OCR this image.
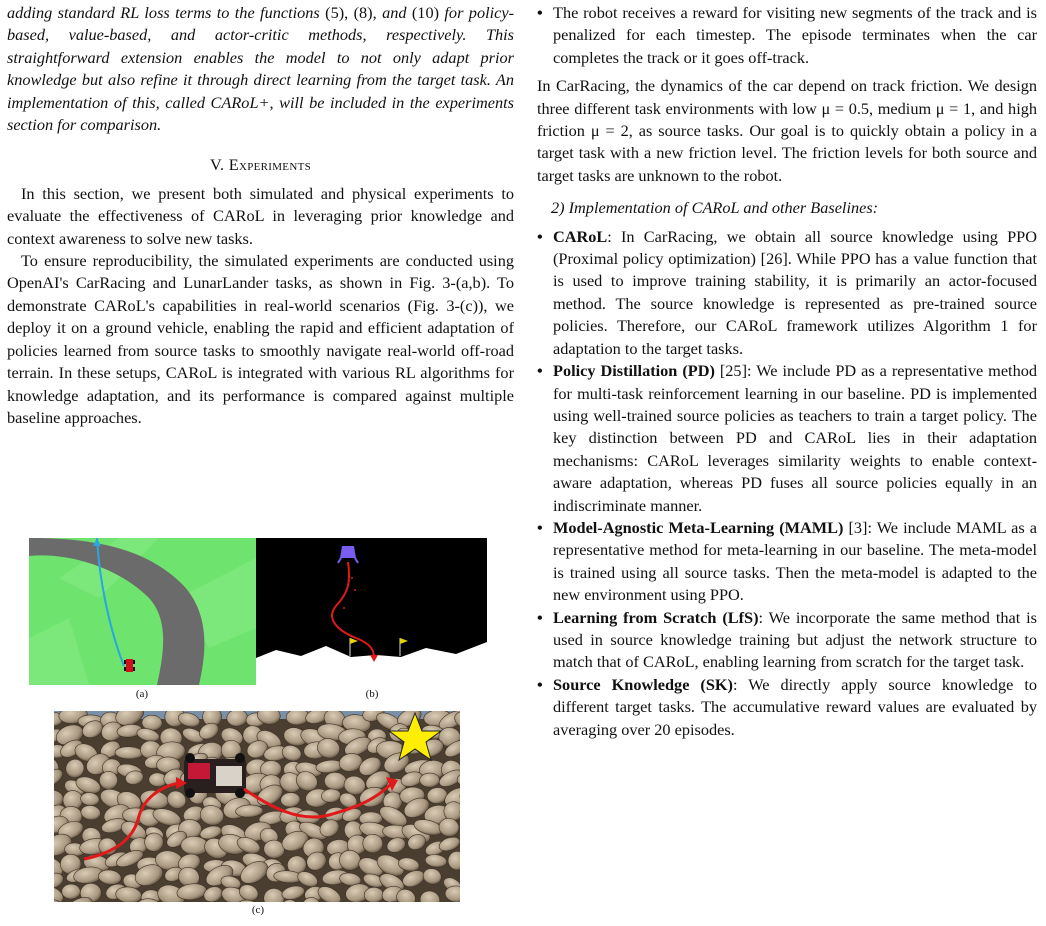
adding standard RL loss terms to the functions (5), (8), and (10) for policy-based, value-based, and actor-critic methods, respectively. This straightforward extension enables the model to not only adapt prior knowledge but also refine it through direct learning from the target task. An implementation of this, called CARoL+, will be included in the experiments section for comparison.

V. Experiments

In this section, we present both simulated and physical experiments to evaluate the effectiveness of CARoL in leveraging prior knowledge and context awareness to solve new tasks.

To ensure reproducibility, the simulated experiments are conducted using OpenAI's CarRacing and LunarLander tasks, as shown in Fig. 3-(a,b). To demonstrate CARoL's capabilities in real-world scenarios (Fig. 3-(c)), we deploy it on a ground vehicle, enabling the rapid and efficient adaptation of policies learned from source tasks to smoothly navigate real-world off-road terrain. In these setups, CARoL is integrated with various RL algorithms for knowledge adaptation, and its performance is compared against multiple baseline approaches.

(a)	(b)
(c)
• The robot receives a reward for visiting new segments of the track and is penalized for each timestep. The episode terminates when the car completes the track or it goes off-track.

In CarRacing, the dynamics of the car depend on track friction. We design three different task environments with low μ = 0.5, medium μ = 1, and high friction μ = 2, as source tasks. Our goal is to quickly obtain a policy in a target task with a new friction level. The friction levels for both source and target tasks are unknown to the robot.

2) Implementation of CARoL and other Baselines:

• CARoL: In CarRacing, we obtain all source knowledge using PPO (Proximal policy optimization) [26]. While PPO has a value function that is used to improve training stability, it is primarily an actor-focused method. The source knowledge is represented as pre-trained source policies. Therefore, our CARoL framework utilizes Algorithm 1 for adaptation to the target tasks.
• Policy Distillation (PD) [25]: We include PD as a representative method for multi-task reinforcement learning in our baseline. PD is implemented using well-trained source policies as teachers to train a target policy. The key distinction between PD and CARoL lies in their adaptation mechanisms: CARoL leverages similarity weights to enable context-aware adaptation, whereas PD fuses all source policies equally in an indiscriminate manner.
• Model-Agnostic Meta-Learning (MAML) [3]: We include MAML as a representative method for meta-learning in our baseline. The meta-model is trained using all source tasks. Then the meta-model is adapted to the new environment using PPO.
• Learning from Scratch (LfS): We incorporate the same method that is used in source knowledge training but adjust the network structure to match that of CARoL, enabling learning from scratch for the target task.
• Source Knowledge (SK): We directly apply source knowledge to different target tasks. The accumulative reward values are evaluated by averaging over 20 episodes.
